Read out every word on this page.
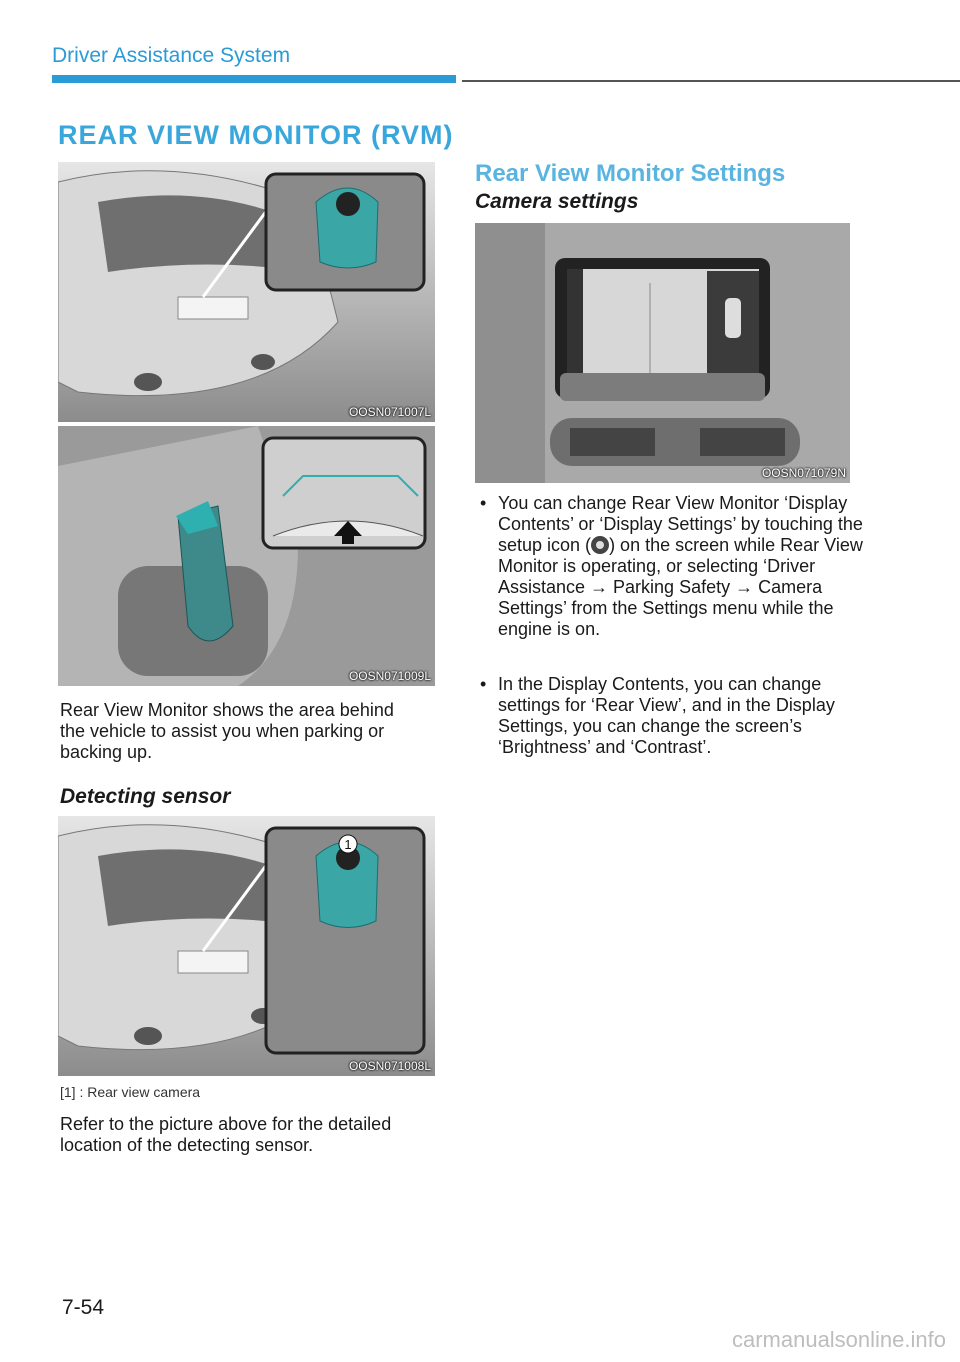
Driver Assistance System
REAR VIEW MONITOR (RVM)
OOSN071007L
OOSN071009L
Rear View Monitor shows the area behind the vehicle to assist you when parking or backing up.
Detecting sensor
1
OOSN071008L
[1] : Rear view camera
Refer to the picture above for the detailed location of the detecting sensor.
Rear View Monitor Settings
Camera settings
OOSN071079N
• You can change Rear View Monitor ‘Display Contents’ or ‘Display Settings’ by touching the setup icon ( ) on the screen while Rear View Monitor is operating, or selecting ‘Driver Assistance → Parking Safety → Camera Settings’ from the Settings menu while the engine is on.
• In the Display Contents, you can change settings for ‘Rear View’, and in the Display Settings, you can change the screen’s ‘Brightness’ and ‘Contrast’.
7-54
carmanualsonline.info
